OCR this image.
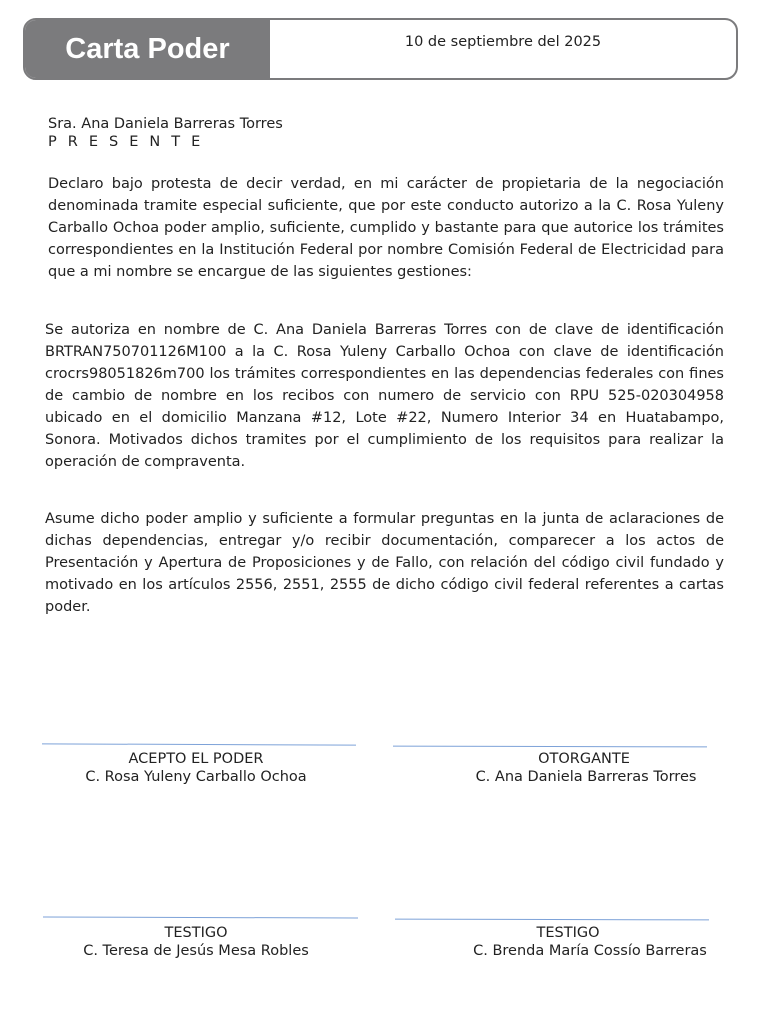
Carta Poder	10 de septiembre del 2025
Sra. Ana Daniela Barreras Torres
P R E S E N T E

Declaro bajo protesta de decir verdad, en mi carácter de propietaria de la negociación denominada tramite especial suficiente, que por este conducto autorizo a la C. Rosa Yuleny Carballo Ochoa poder amplio, suficiente, cumplido y bastante para que autorice los trámites correspondientes en la Institución Federal por nombre Comisión Federal de Electricidad para que a mi nombre se encargue de las siguientes gestiones:

Se autoriza en nombre de C. Ana Daniela Barreras Torres con de clave de identificación BRTRAN750701126M100 a la C. Rosa Yuleny Carballo Ochoa con clave de identificación crocrs98051826m700 los trámites correspondientes en las dependencias federales con fines de cambio de nombre en los recibos con numero de servicio con RPU 525-020304958 ubicado en el domicilio Manzana #12, Lote #22, Numero Interior 34 en Huatabampo, Sonora. Motivados dichos tramites por el cumplimiento de los requisitos para realizar la operación de compraventa.

Asume dicho poder amplio y suficiente a formular preguntas en la junta de aclaraciones de dichas dependencias, entregar y/o recibir documentación, comparecer a los actos de Presentación y Apertura de Proposiciones y de Fallo, con relación del código civil fundado y motivado en los artículos 2556, 2551, 2555 de dicho código civil federal referentes a cartas poder.

ACEPTO EL PODER
C. Rosa Yuleny Carballo Ochoa
OTORGANTE
C. Ana Daniela Barreras Torres
TESTIGO
C. Teresa de Jesús Mesa Robles
TESTIGO
C. Brenda María Cossío Barreras
